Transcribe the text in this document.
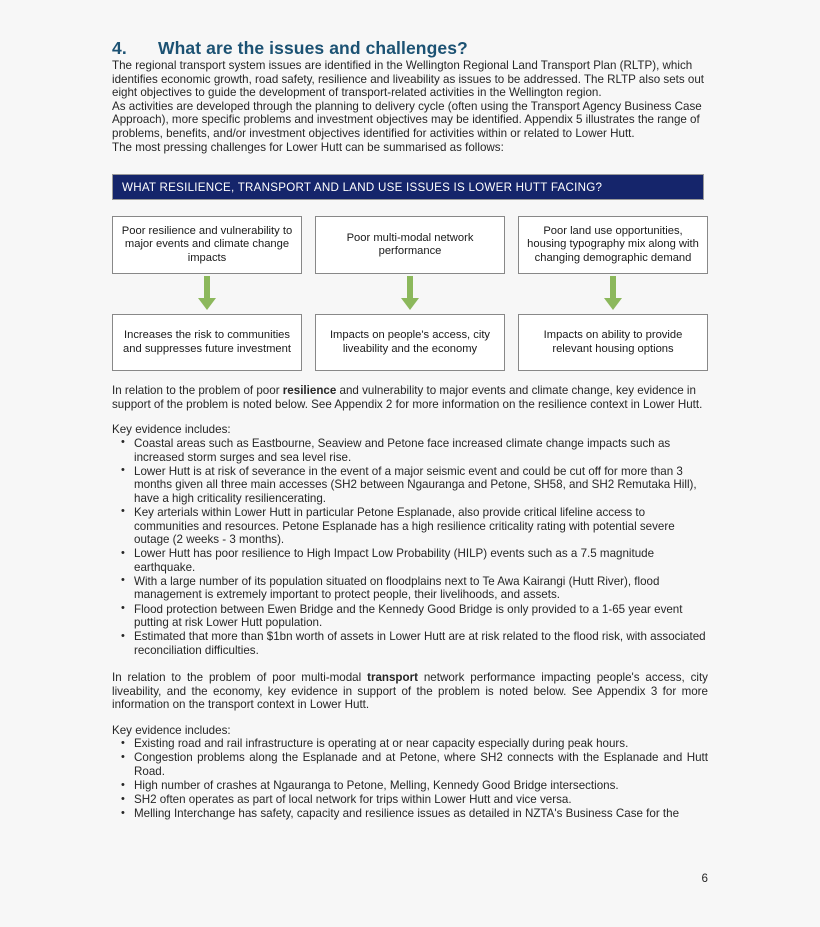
4.	What are the issues and challenges?

The regional transport system issues are identified in the Wellington Regional Land Transport Plan (RLTP), which identifies economic growth, road safety, resilience and liveability as issues to be addressed. The RLTP also sets out eight objectives to guide the development of transport-related activities in the Wellington region.

As activities are developed through the planning to delivery cycle (often using the Transport Agency Business Case Approach), more specific problems and investment objectives may be identified. Appendix 5 illustrates the range of problems, benefits, and/or investment objectives identified for activities within or related to Lower Hutt.

The most pressing challenges for Lower Hutt can be summarised as follows:

WHAT RESILIENCE, TRANSPORT AND LAND USE ISSUES IS LOWER HUTT FACING?
Poor resilience and vulnerability to major events and climate change impacts
Poor multi-modal network performance
Poor land use opportunities, housing typography mix along with changing demographic demand
Increases the risk to communities and suppresses future investment
Impacts on people's access, city liveability and the economy
Impacts on ability to provide relevant housing options

In relation to the problem of poor resilience and vulnerability to major events and climate change, key evidence in support of the problem is noted below. See Appendix 2 for more information on the resilience context in Lower Hutt.

Key evidence includes:

• Coastal areas such as Eastbourne, Seaview and Petone face increased climate change impacts such as increased storm surges and sea level rise.
• Lower Hutt is at risk of severance in the event of a major seismic event and could be cut off for more than 3 months given all three main accesses (SH2 between Ngauranga and Petone, SH58, and SH2 Remutaka Hill), have a high criticality resiliencerating.
• Key arterials within Lower Hutt in particular Petone Esplanade, also provide critical lifeline access to communities and resources. Petone Esplanade has a high resilience criticality rating with potential severe outage (2 weeks - 3 months).
• Lower Hutt has poor resilience to High Impact Low Probability (HILP) events such as a 7.5 magnitude earthquake.
• With a large number of its population situated on floodplains next to Te Awa Kairangi (Hutt River), flood management is extremely important to protect people, their livelihoods, and assets.
• Flood protection between Ewen Bridge and the Kennedy Good Bridge is only provided to a 1-65 year event putting at risk Lower Hutt population.
• Estimated that more than $1bn worth of assets in Lower Hutt are at risk related to the flood risk, with associated reconciliation difficulties.

In relation to the problem of poor multi-modal transport network performance impacting people's access, city liveability, and the economy, key evidence in support of the problem is noted below. See Appendix 3 for more information on the transport context in Lower Hutt.

Key evidence includes:

• Existing road and rail infrastructure is operating at or near capacity especially during peak hours.
• Congestion problems along the Esplanade and at Petone, where SH2 connects with the Esplanade and Hutt Road.
• High number of crashes at Ngauranga to Petone, Melling, Kennedy Good Bridge intersections.
• SH2 often operates as part of local network for trips within Lower Hutt and vice versa.
• Melling Interchange has safety, capacity and resilience issues as detailed in NZTA's Business Case for the
6
